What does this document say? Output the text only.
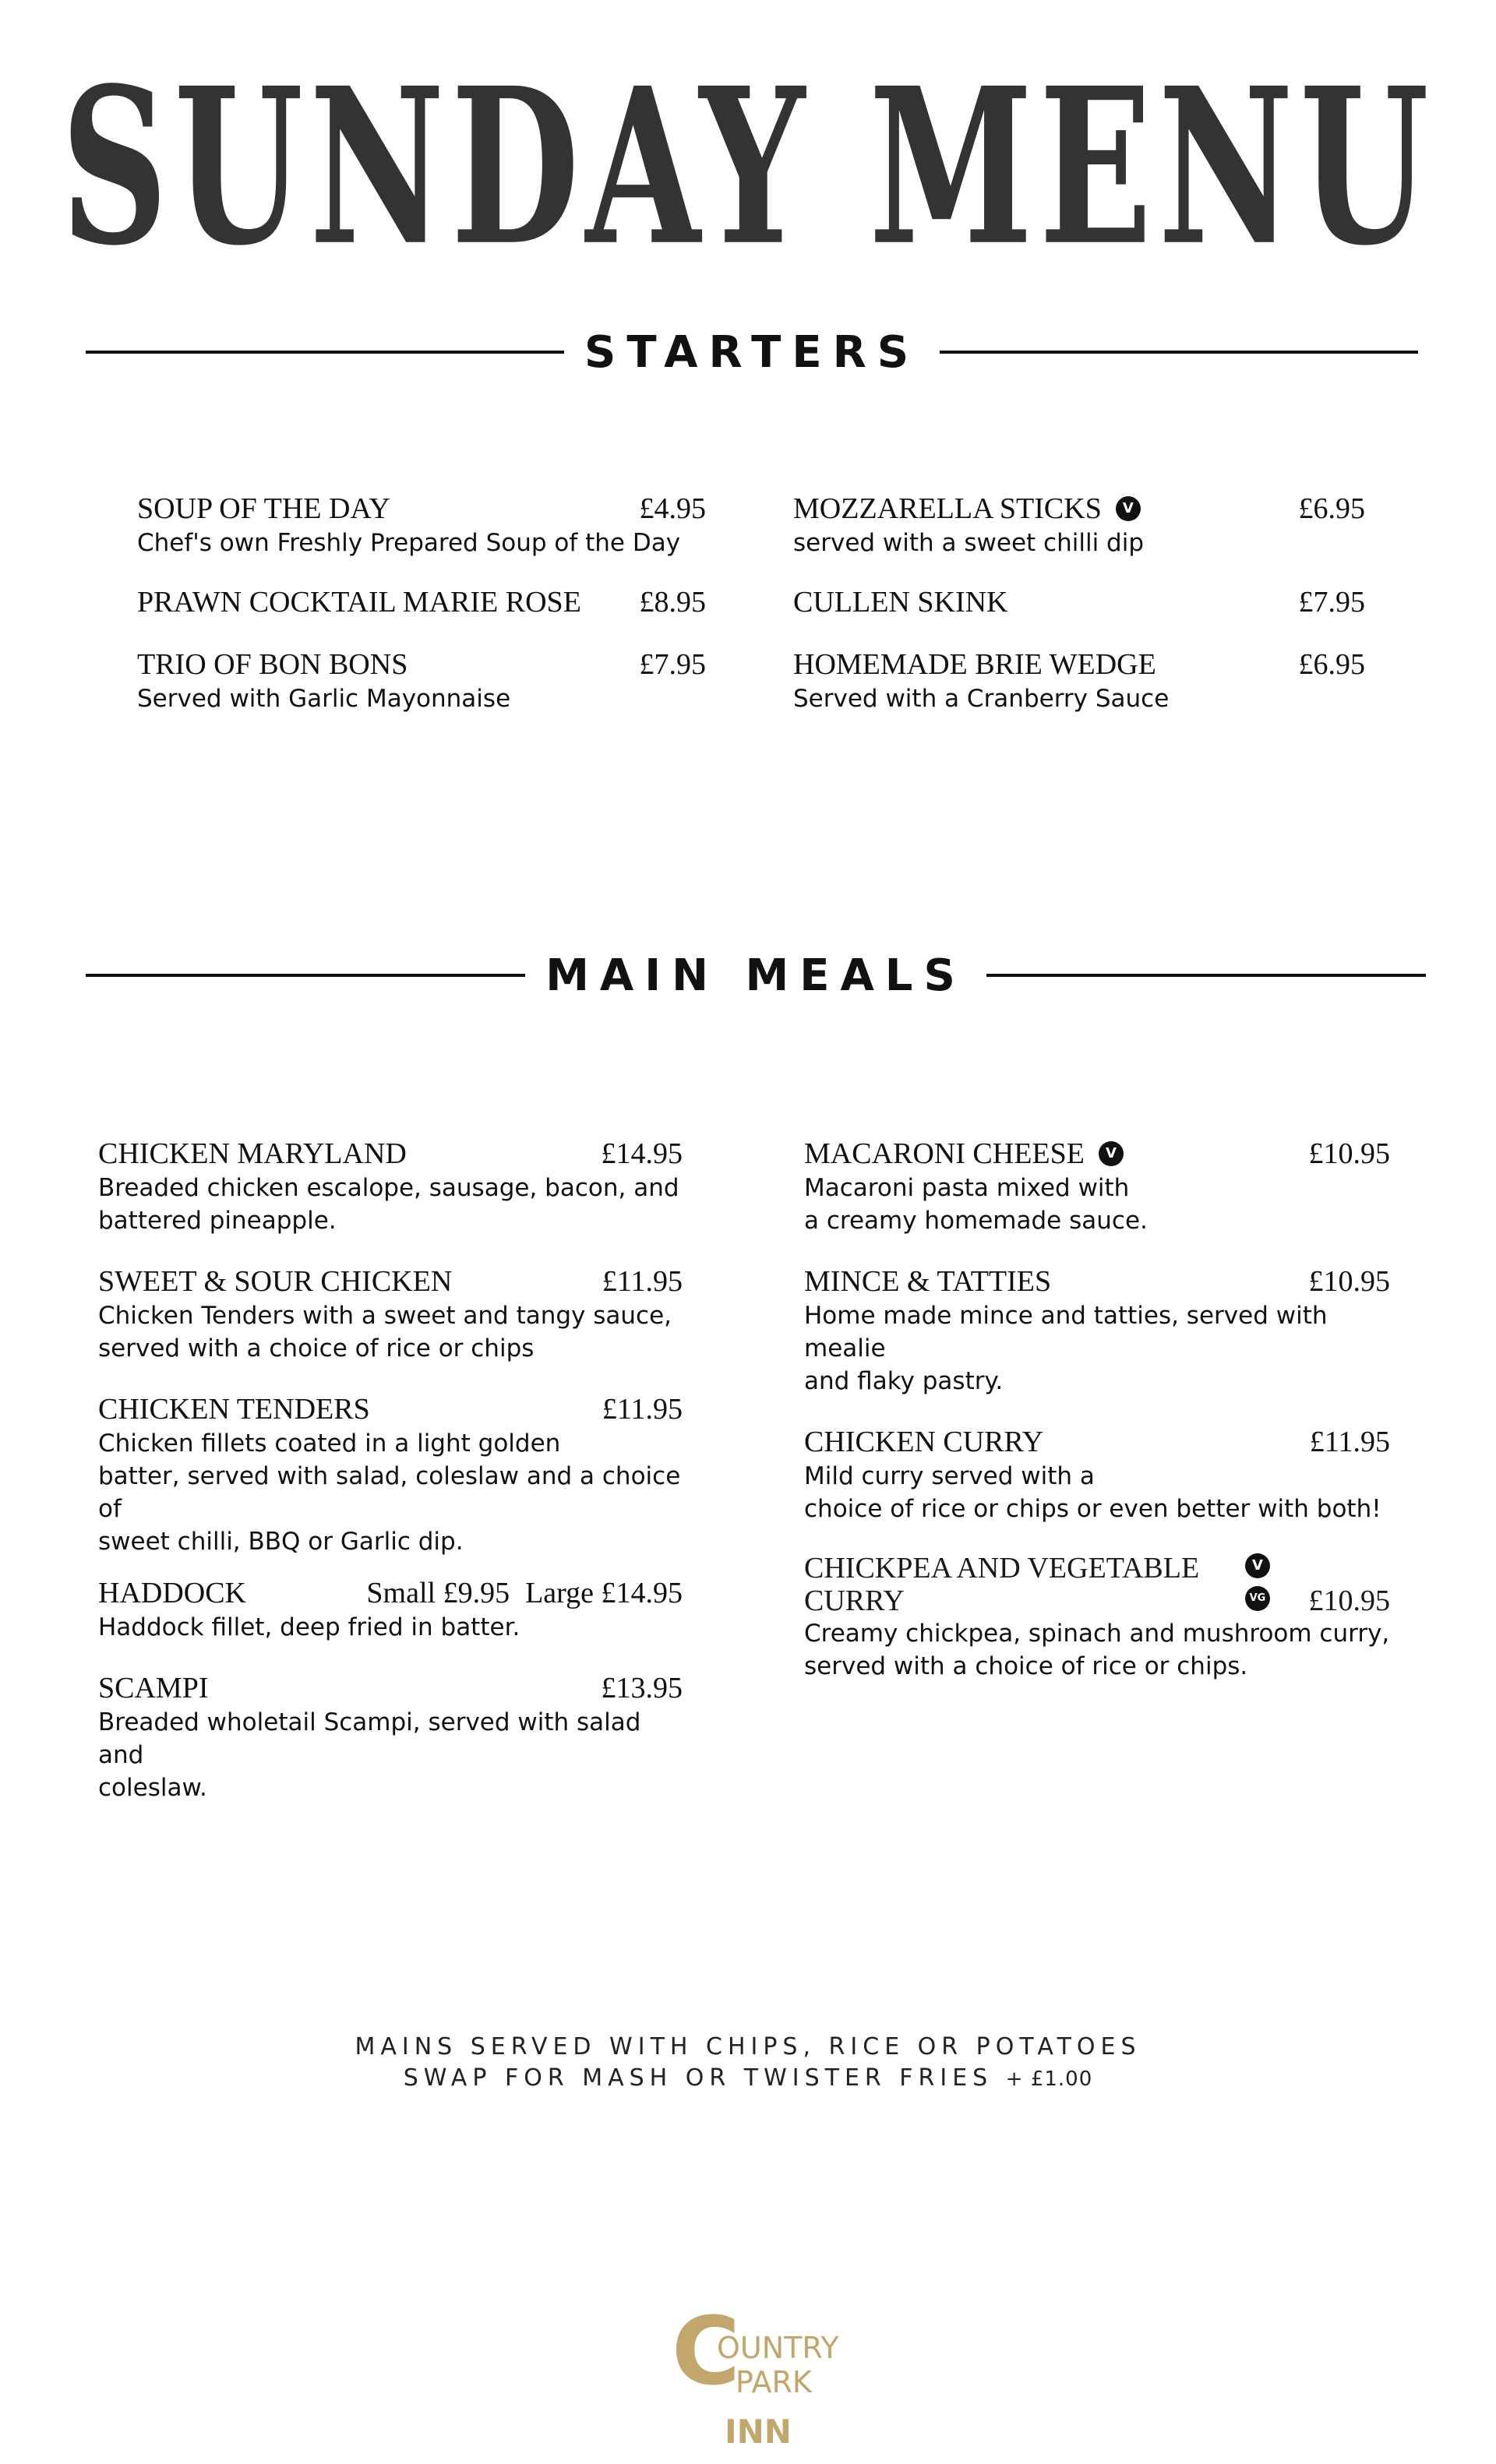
SUNDAY MENU
STARTERS
SOUP OF THE DAY	£4.95
Chef's own Freshly Prepared Soup of the Day
PRAWN COCKTAIL MARIE ROSE £8.95
TRIO OF BON BONS	£7.95
Served with Garlic Mayonnaise
MOZZARELLA STICKS	V	£6.95
served with a sweet chilli dip
CULLEN SKINK	£7.95
HOMEMADE BRIE WEDGE	£6.95
Served with a Cranberry Sauce
MAIN MEALS
CHICKEN MARYLAND	£14.95
Breaded chicken escalope, sausage, bacon, and
battered pineapple.
SWEET & SOUR CHICKEN	£11.95
Chicken Tenders with a sweet and tangy sauce,
served with a choice of rice or chips
CHICKEN TENDERS	£11.95
Chicken fillets coated in a light golden
batter, served with salad, coleslaw and a choice of
sweet chilli, BBQ or Garlic dip.
HADDOCK	Small £9.95 Large £14.95
Haddock fillet, deep fried in batter.
SCAMPI	£13.95
Breaded wholetail Scampi, served with salad and
coleslaw.
MACARONI CHEESE	V	£10.95
Macaroni pasta mixed with
a creamy homemade sauce.
MINCE & TATTIES	£10.95
Home made mince and tatties, served with mealie
and flaky pastry.
CHICKEN CURRY	£11.95
Mild curry served with a
choice of rice or chips or even better with both!
CHICKPEA AND VEGETABLE
CURRY
V
VG £10.95
Creamy chickpea, spinach and mushroom curry,
served with a choice of rice or chips.
MAINS SERVED WITH CHIPS, RICE OR POTATOES
SWAP FOR MASH OR TWISTER FRIES + £1.00
C
OUNTRY
PARK
INN
